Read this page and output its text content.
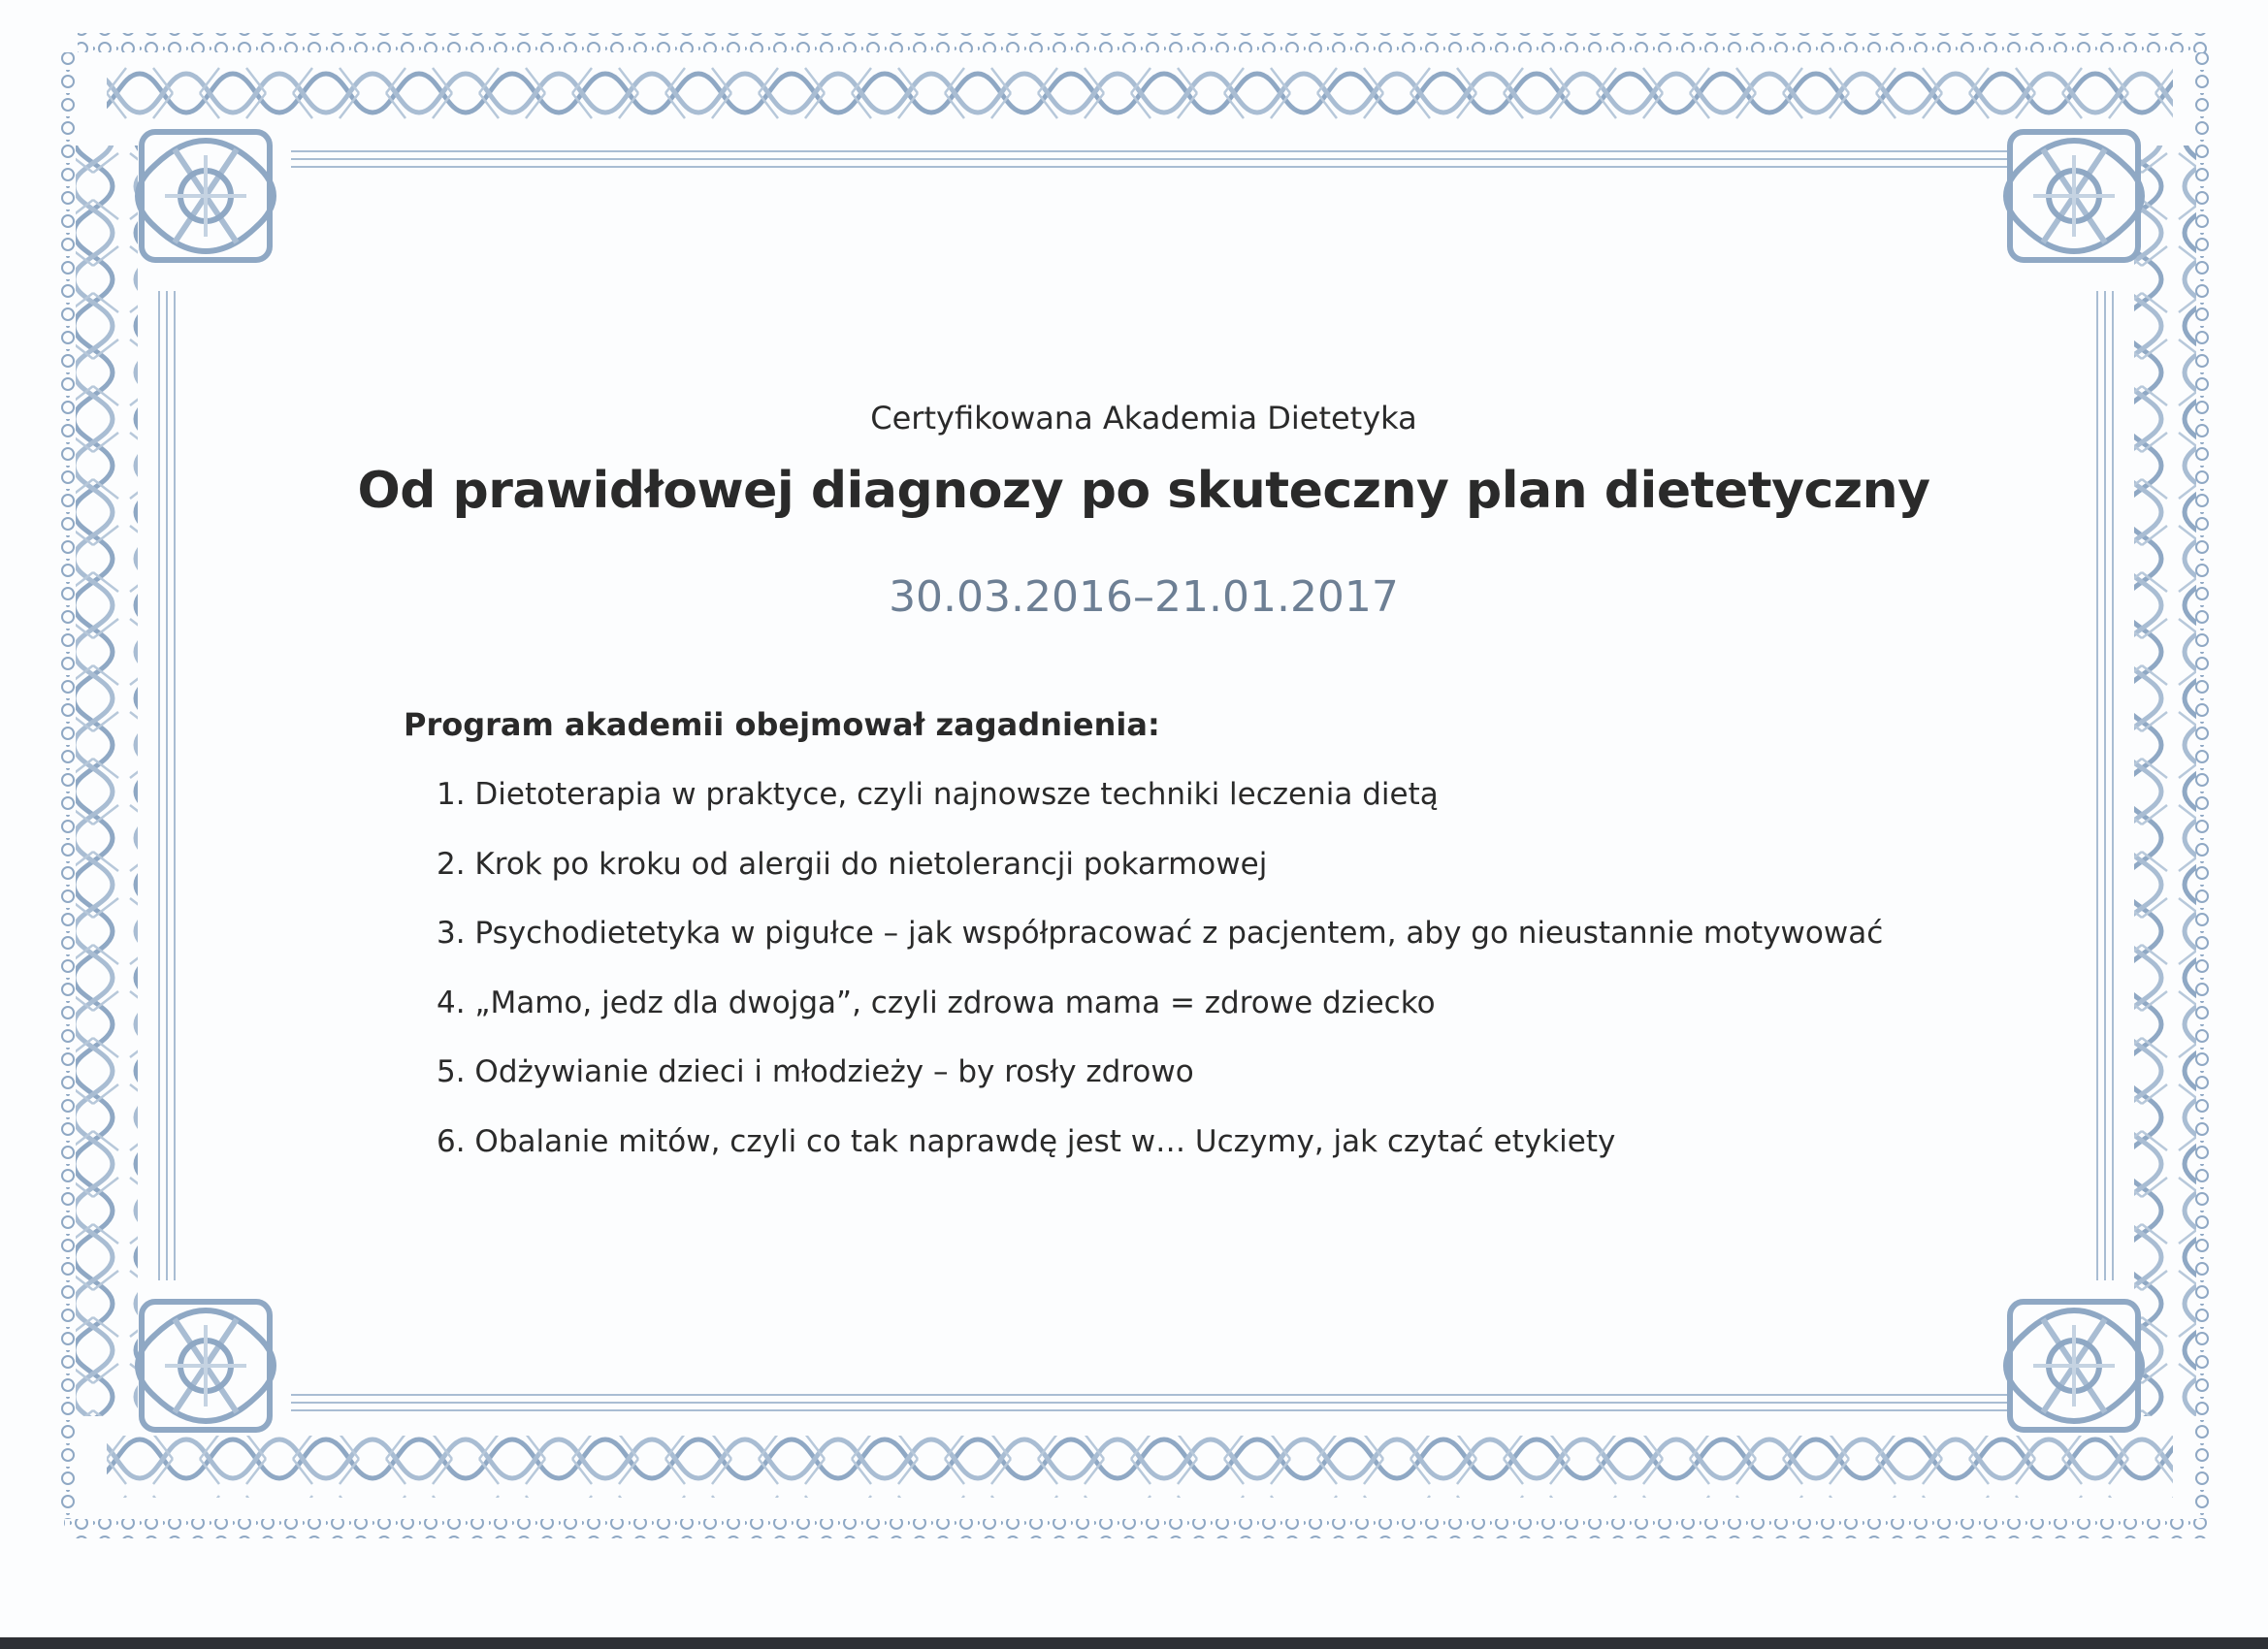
Certyfikowana Akademia Dietetyka

Od prawidłowej diagnozy po skuteczny plan dietetyczny

30.03.2016–21.01.2017

Program akademii obejmował zagadnienia:

1. Dietoterapia w praktyce, czyli najnowsze techniki leczenia dietą
2. Krok po kroku od alergii do nietolerancji pokarmowej
3. Psychodietetyka w pigułce – jak współpracować z pacjentem, aby go nieustannie motywować
4. „Mamo, jedz dla dwojga”, czyli zdrowa mama = zdrowe dziecko
5. Odżywianie dzieci i młodzieży – by rosły zdrowo
6. Obalanie mitów, czyli co tak naprawdę jest w… Uczymy, jak czytać etykiety
